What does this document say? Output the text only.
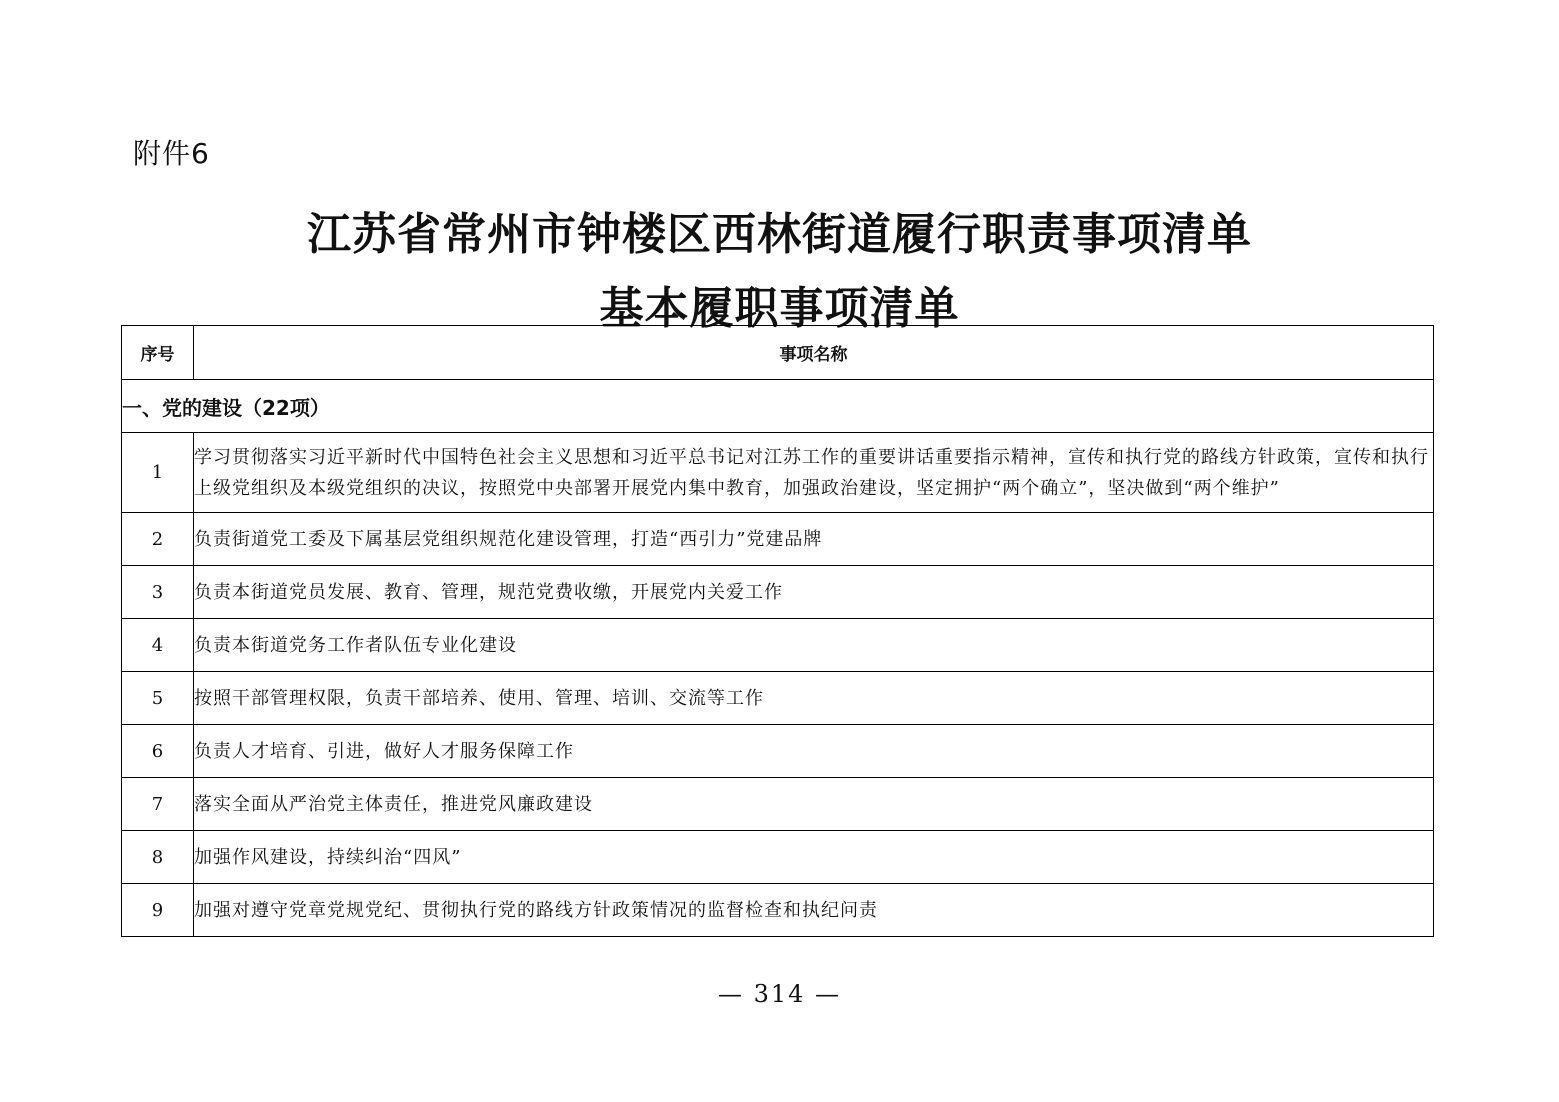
附件6
江苏省常州市钟楼区西林街道履行职责事项清单
基本履职事项清单
序号	事项名称
一、党的建设（22项）	
1	学习贯彻落实习近平新时代中国特色社会主义思想和习近平总书记对江苏工作的重要讲话重要指示精神，宣传和执行党的路线方针政策，宣传和执行上级党组织及本级党组织的决议，按照党中央部署开展党内集中教育，加强政治建设，坚定拥护“两个确立”，坚决做到“两个维护”
2	负责街道党工委及下属基层党组织规范化建设管理，打造“西引力”党建品牌
3	负责本街道党员发展、教育、管理，规范党费收缴，开展党内关爱工作
4	负责本街道党务工作者队伍专业化建设
5	按照干部管理权限，负责干部培养、使用、管理、培训、交流等工作
6	负责人才培育、引进，做好人才服务保障工作
7	落实全面从严治党主体责任，推进党风廉政建设
8	加强作风建设，持续纠治“四风”
9	加强对遵守党章党规党纪、贯彻执行党的路线方针政策情况的监督检查和执纪问责
— 314 —
